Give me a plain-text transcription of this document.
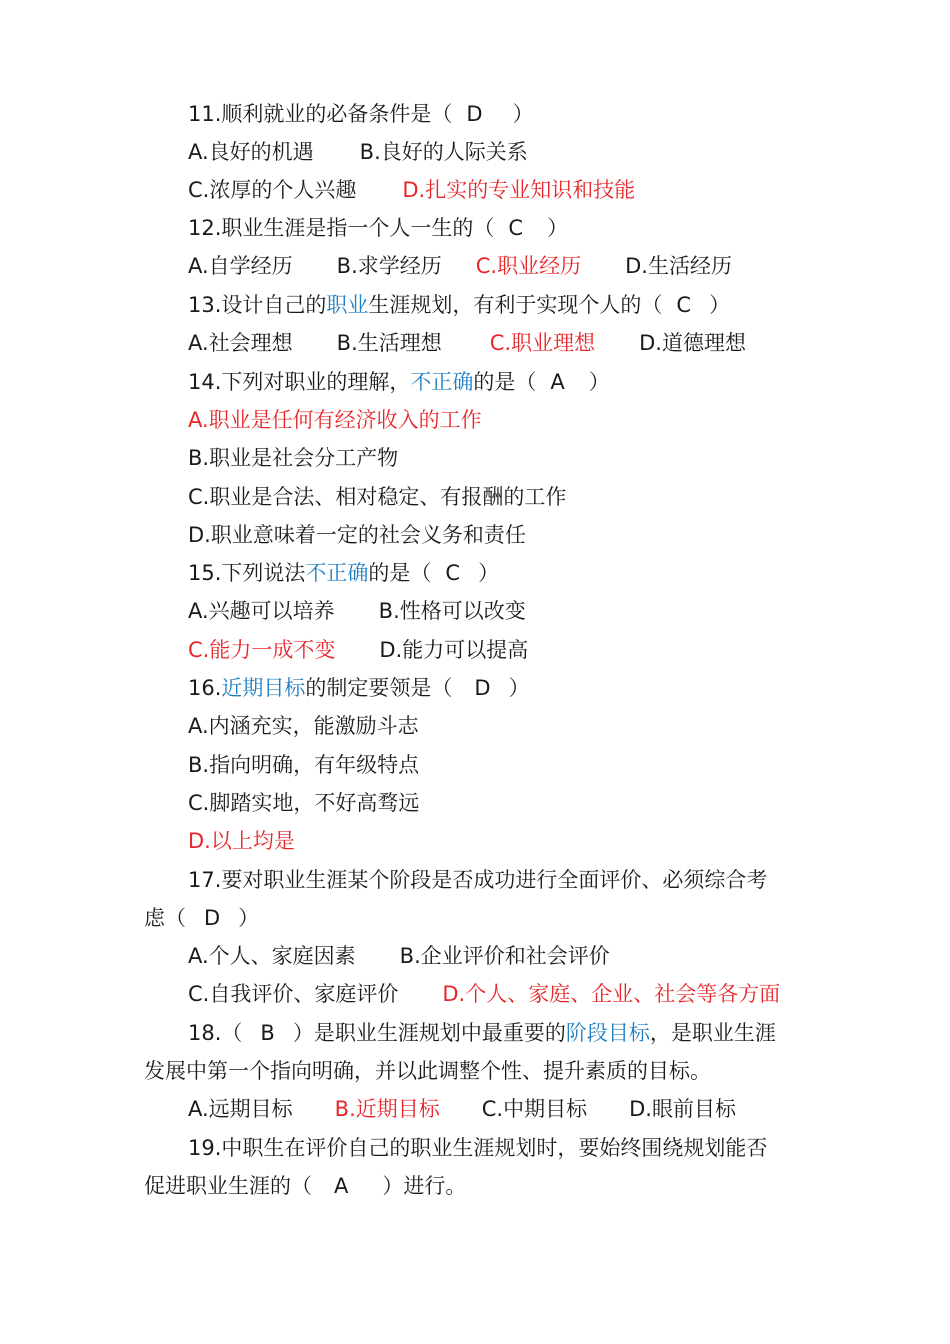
11.顺利就业的必备条件是（ D ）
A.良好的机遇 B.良好的人际关系
C.浓厚的个人兴趣 D.扎实的专业知识和技能
12.职业生涯是指一个人一生的（ C ）
A.自学经历 B.求学经历 C.职业经历 D.生活经历
13.设计自己的职业生涯规划，有利于实现个人的（ C ）
A.社会理想 B.生活理想 C.职业理想 D.道德理想
14.下列对职业的理解，不正确的是（ A ）
A.职业是任何有经济收入的工作
B.职业是社会分工产物
C.职业是合法、相对稳定、有报酬的工作
D.职业意味着一定的社会义务和责任
15.下列说法不正确的是（ C ）
A.兴趣可以培养 B.性格可以改变
C.能力一成不变 D.能力可以提高
16.近期目标的制定要领是（ D ）
A.内涵充实，能激励斗志
B.指向明确，有年级特点
C.脚踏实地，不好高骛远
D.以上均是
17.要对职业生涯某个阶段是否成功进行全面评价、必须综合考
虑（ D ）
A.个人、家庭因素 B.企业评价和社会评价
C.自我评价、家庭评价 D.个人、家庭、企业、社会等各方面
18.（ B ）是职业生涯规划中最重要的阶段目标，是职业生涯
发展中第一个指向明确，并以此调整个性、提升素质的目标。
A.远期目标 B.近期目标 C.中期目标 D.眼前目标
19.中职生在评价自己的职业生涯规划时，要始终围绕规划能否
促进职业生涯的（ A ）进行。
